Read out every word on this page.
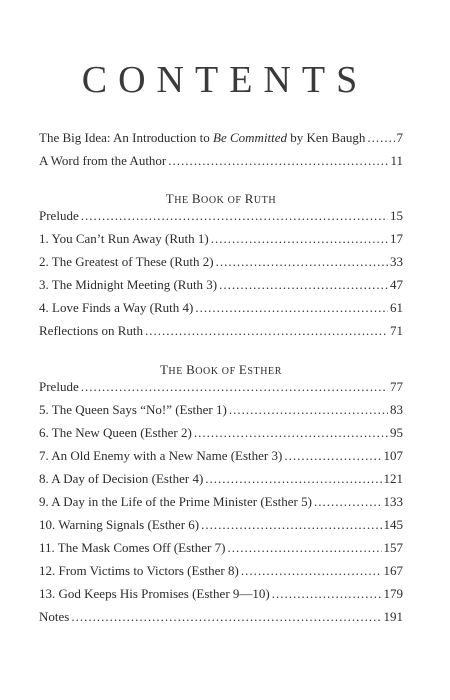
CONTENTS
The Big Idea: An Introduction to Be Committed by Ken Baugh ..... 7
A Word from the Author .....	11
THE BOOK OF RUTH
Prelude .....	15
1. You Can’t Run Away (Ruth 1) .....	17
2. The Greatest of These (Ruth 2) .....	33
3. The Midnight Meeting (Ruth 3) .....	47
4. Love Finds a Way (Ruth 4) .....	61
Reflections on Ruth .....	71
THE BOOK OF ESTHER
Prelude .....	77
5. The Queen Says “No!” (Esther 1) .....	83
6. The New Queen (Esther 2) .....	95
7. An Old Enemy with a New Name (Esther 3) .....	107
8. A Day of Decision (Esther 4) .....	121
9. A Day in the Life of the Prime Minister (Esther 5) .....	133
10. Warning Signals (Esther 6) .....	145
11. The Mask Comes Off (Esther 7) .....	157
12. From Victims to Victors (Esther 8) .....	167
13. God Keeps His Promises (Esther 9—10) .....	179
Notes .....	191
